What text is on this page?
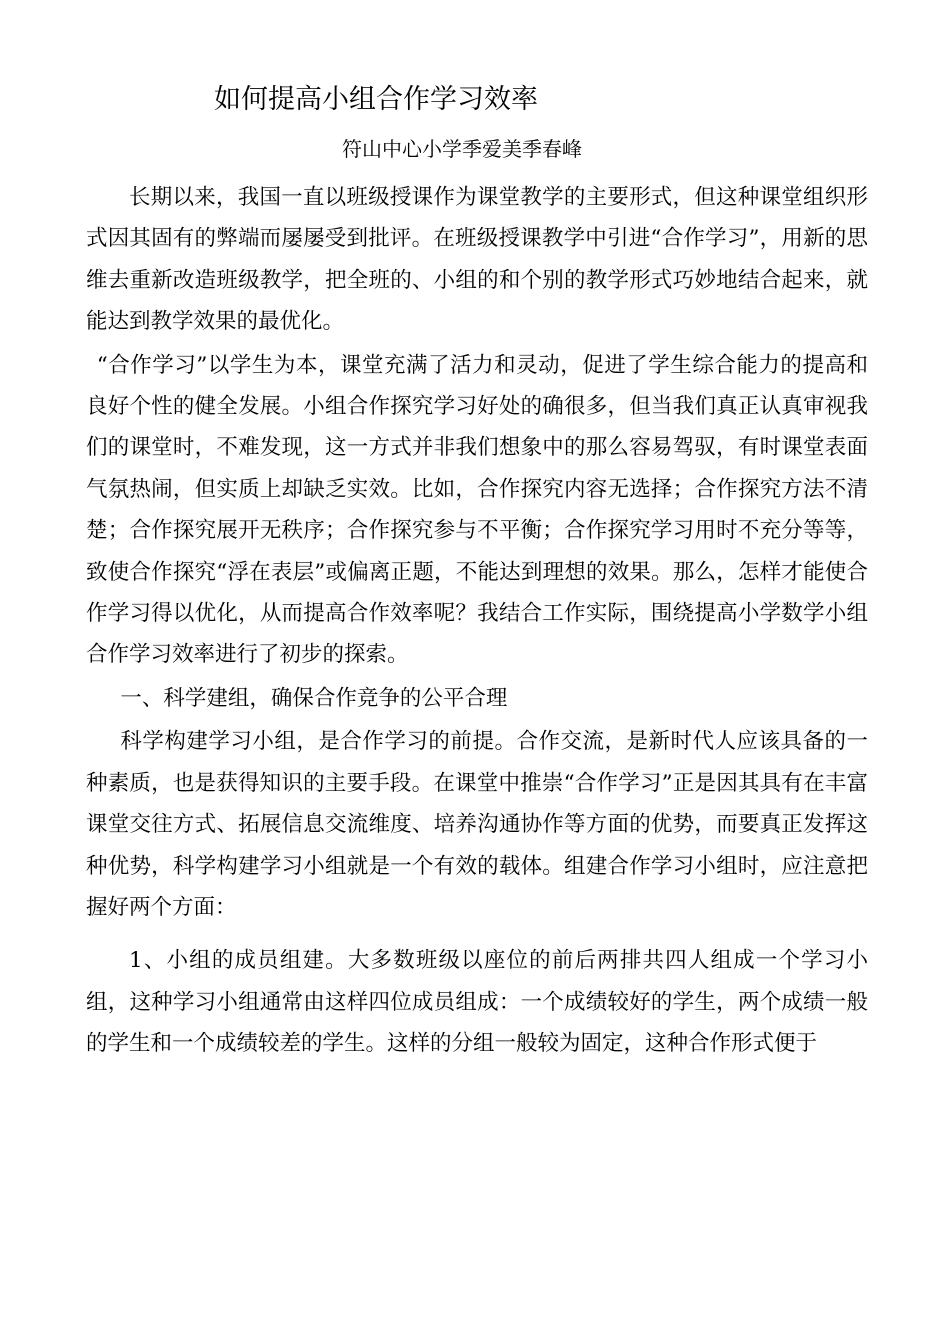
如何提高小组合作学习效率
符山中心小学季爱美季春峰

长期以来，我国一直以班级授课作为课堂教学的主要形式，但这种课堂组织形式因其固有的弊端而屡屡受到批评。在班级授课教学中引进“合作学习”，用新的思维去重新改造班级教学，把全班的、小组的和个别的教学形式巧妙地结合起来，就能达到教学效果的最优化。

“合作学习”以学生为本，课堂充满了活力和灵动，促进了学生综合能力的提高和良好个性的健全发展。小组合作探究学习好处的确很多，但当我们真正认真审视我们的课堂时，不难发现，这一方式并非我们想象中的那么容易驾驭，有时课堂表面气氛热闹，但实质上却缺乏实效。比如，合作探究内容无选择；合作探究方法不清楚；合作探究展开无秩序；合作探究参与不平衡；合作探究学习用时不充分等等，致使合作探究“浮在表层”或偏离正题，不能达到理想的效果。那么，怎样才能使合作学习得以优化，从而提高合作效率呢？我结合工作实际，围绕提高小学数学小组合作学习效率进行了初步的探索。

一、科学建组，确保合作竞争的公平合理

科学构建学习小组，是合作学习的前提。合作交流，是新时代人应该具备的一种素质，也是获得知识的主要手段。在课堂中推崇“合作学习”正是因其具有在丰富课堂交往方式、拓展信息交流维度、培养沟通协作等方面的优势，而要真正发挥这种优势，科学构建学习小组就是一个有效的载体。组建合作学习小组时，应注意把握好两个方面：

1、小组的成员组建。大多数班级以座位的前后两排共四人组成一个学习小组，这种学习小组通常由这样四位成员组成：一个成绩较好的学生，两个成绩一般的学生和一个成绩较差的学生。这样的分组一般较为固定，这种合作形式便于
